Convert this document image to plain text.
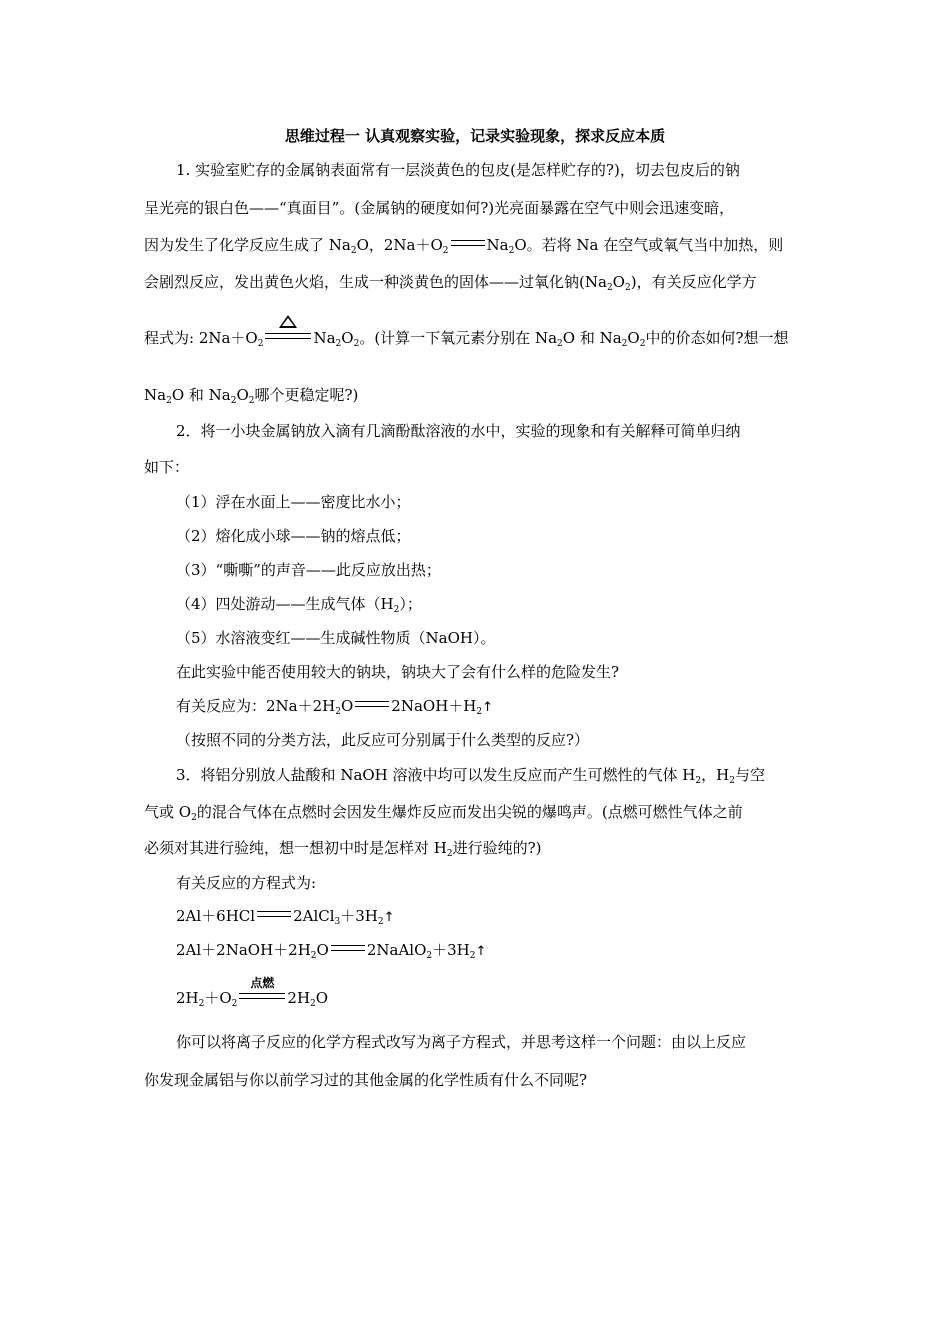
思维过程一 认真观察实验，记录实验现象，探求反应本质
1. 实验室贮存的金属钠表面常有一层淡黄色的包皮(是怎样贮存的?)，切去包皮后的钠
呈光亮的银白色——“真面目”。(金属钠的硬度如何?)光亮面暴露在空气中则会迅速变暗，
因为发生了化学反应生成了 $Na_2O$，$2Na+O_2$	$Na_2O$。若将 Na 在空气或氧气当中加热，则
会剧烈反应，发出黄色火焰，生成一种淡黄色的固体——过氧化钠$(Na_2O_2)$，有关反应化学方
程式为: $2Na+O_2$	$Na_2O_2$。(计算一下氧元素分别在 $Na_2O$ 和 $Na_2O_2$中的价态如何?想一想
$Na_2O$ 和 $Na_2O_2$哪个更稳定呢?)
2．将一小块金属钠放入滴有几滴酚酞溶液的水中，实验的现象和有关解释可简单归纳
如下：
（1）浮在水面上——密度比水小；
（2）熔化成小球——钠的熔点低；
（3）“嘶嘶”的声音——此反应放出热；
（4）四处游动——生成气体$(H_2)$；
（5）水溶液变红——生成碱性物质（NaOH）。
在此实验中能否使用较大的钠块，钠块大了会有什么样的危险发生?
有关反应为：$2Na+2H_2O$	$2NaOH+H_2↑$
（按照不同的分类方法，此反应可分别属于什么类型的反应?）
3．将铝分别放人盐酸和 NaOH 溶液中均可以发生反应而产生可燃性的气体 $H_2$，$H_2$与空
气或 $O_2$的混合气体在点燃时会因发生爆炸反应而发出尖锐的爆鸣声。(点燃可燃性气体之前
必须对其进行验纯，想一想初中时是怎样对 $H_2$进行验纯的?)
有关反应的方程式为:
2Al＋6HCl	$2AlCl_3+3H_2↑$
$2Al+2NaOH+2H_2O$	$2NaAlO_2+3H_2↑$
$2H_2+O_2$
点燃
$2H_2O$
你可以将离子反应的化学方程式改写为离子方程式，并思考这样一个问题：由以上反应
你发现金属铝与你以前学习过的其他金属的化学性质有什么不同呢?
